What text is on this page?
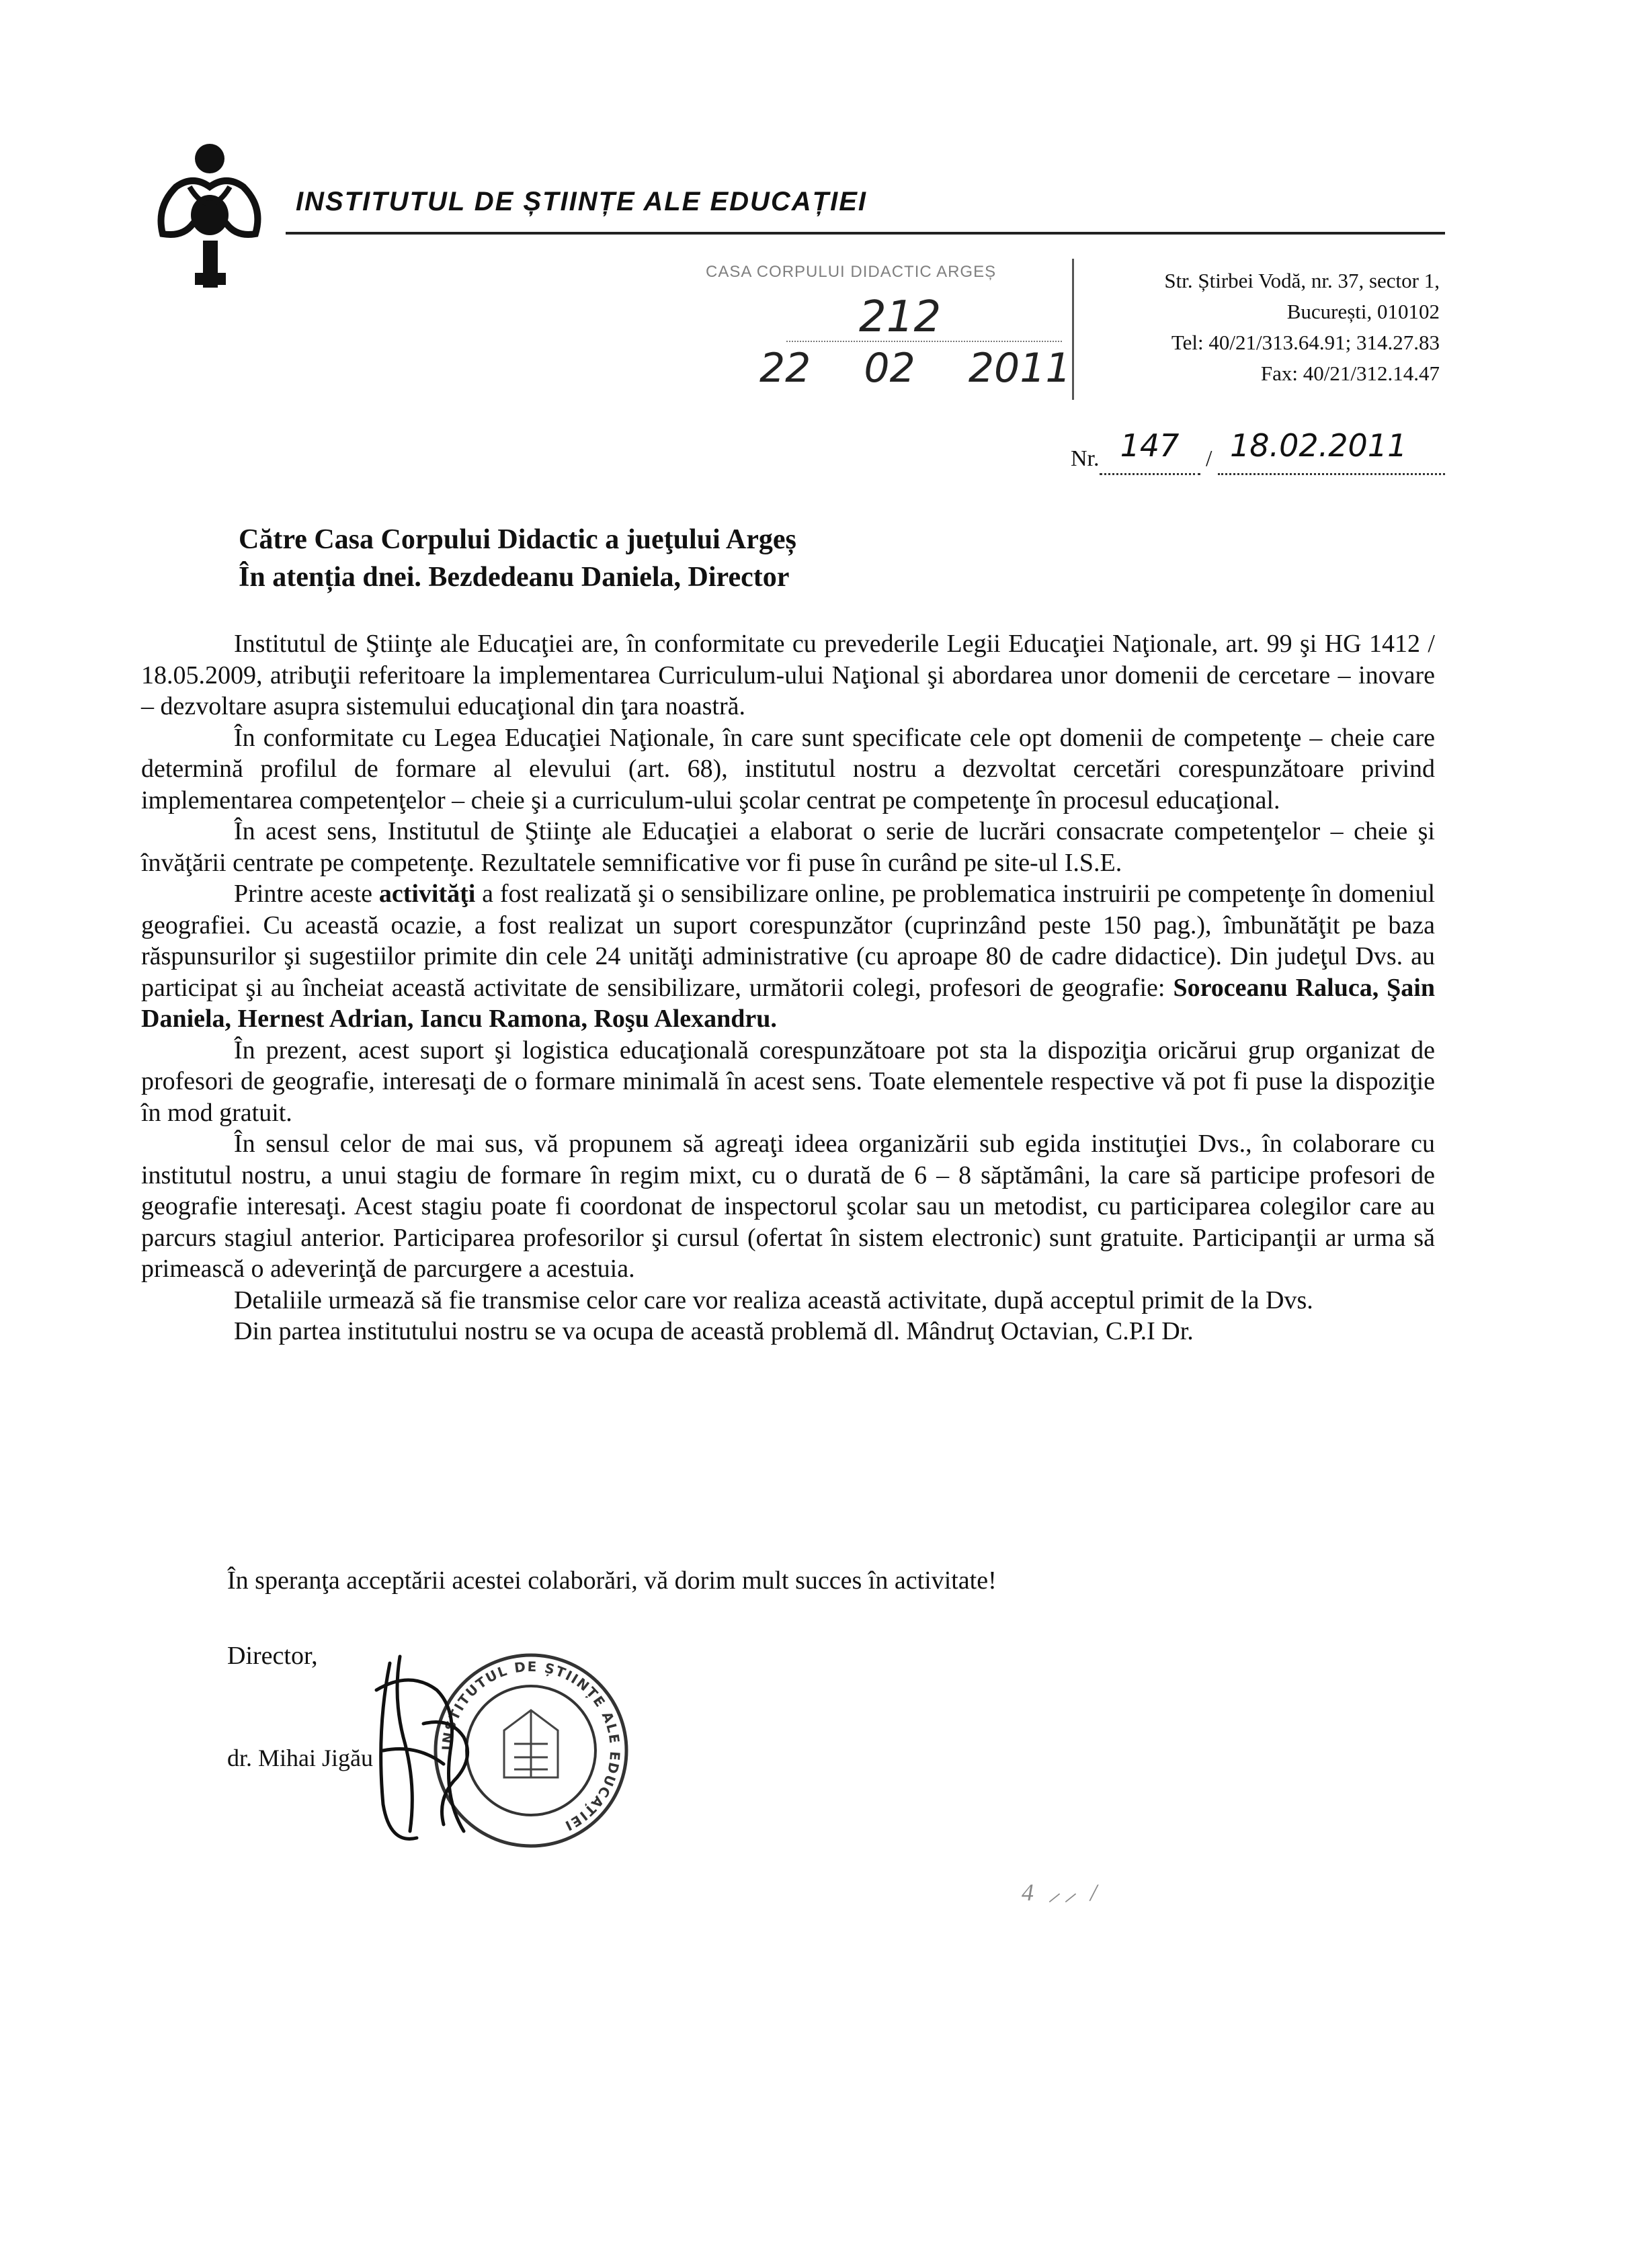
INSTITUTUL DE ȘTIINȚE ALE EDUCAȚIEI
CASA CORPULUI DIDACTIC ARGEȘ
212
22 02 2011
Str. Știrbei Vodă, nr. 37, sector 1,
București, 010102
Tel: 40/21/313.64.91; 314.27.83
Fax: 40/21/312.14.47
Nr. 147 / 18.02.2011
Către Casa Corpului Didactic a jueţului Argeș
În atenția dnei. Bezdedeanu Daniela, Director

Institutul de Ştiinţe ale Educaţiei are, în conformitate cu prevederile Legii Educaţiei Naţionale, art. 99 şi HG 1412 / 18.05.2009, atribuţii referitoare la implementarea Curriculum-ului Naţional şi abordarea unor domenii de cercetare – inovare – dezvoltare asupra sistemului educaţional din ţara noastră.

În conformitate cu Legea Educaţiei Naţionale, în care sunt specificate cele opt domenii de competenţe – cheie care determină profilul de formare al elevului (art. 68), institutul nostru a dezvoltat cercetări corespunzătoare privind implementarea competenţelor – cheie şi a curriculum-ului şcolar centrat pe competenţe în procesul educaţional.

În acest sens, Institutul de Ştiinţe ale Educaţiei a elaborat o serie de lucrări consacrate competenţelor – cheie şi învăţării centrate pe competenţe. Rezultatele semnificative vor fi puse în curând pe site-ul I.S.E.

Printre aceste activităţi a fost realizată şi o sensibilizare online, pe problematica instruirii pe competenţe în domeniul geografiei. Cu această ocazie, a fost realizat un suport corespunzător (cuprinzând peste 150 pag.), îmbunătăţit pe baza răspunsurilor şi sugestiilor primite din cele 24 unităţi administrative (cu aproape 80 de cadre didactice). Din judeţul Dvs. au participat şi au încheiat această activitate de sensibilizare, următorii colegi, profesori de geografie: Soroceanu Raluca, Şain Daniela, Hernest Adrian, Iancu Ramona, Roşu Alexandru.

În prezent, acest suport şi logistica educaţională corespunzătoare pot sta la dispoziţia oricărui grup organizat de profesori de geografie, interesaţi de o formare minimală în acest sens. Toate elementele respective vă pot fi puse la dispoziţie în mod gratuit.

În sensul celor de mai sus, vă propunem să agreaţi ideea organizării sub egida instituţiei Dvs., în colaborare cu institutul nostru, a unui stagiu de formare în regim mixt, cu o durată de 6 – 8 săptămâni, la care să participe profesori de geografie interesaţi. Acest stagiu poate fi coordonat de inspectorul şcolar sau un metodist, cu participarea colegilor care au parcurs stagiul anterior. Participarea profesorilor şi cursul (ofertat în sistem electronic) sunt gratuite. Participanţii ar urma să primească o adeverinţă de parcurgere a acestuia.

Detaliile urmează să fie transmise celor care vor realiza această activitate, după acceptul primit de la Dvs.

Din partea institutului nostru se va ocupa de această problemă dl. Mândruţ Octavian, C.P.I Dr.

În speranţa acceptării acestei colaborări, vă dorim mult succes în activitate!
Director,
dr. Mihai Jigău	INSTITUTUL DE ȘTIINȚE ALE EDUCAȚIEI
4 ⸝⸝ /
